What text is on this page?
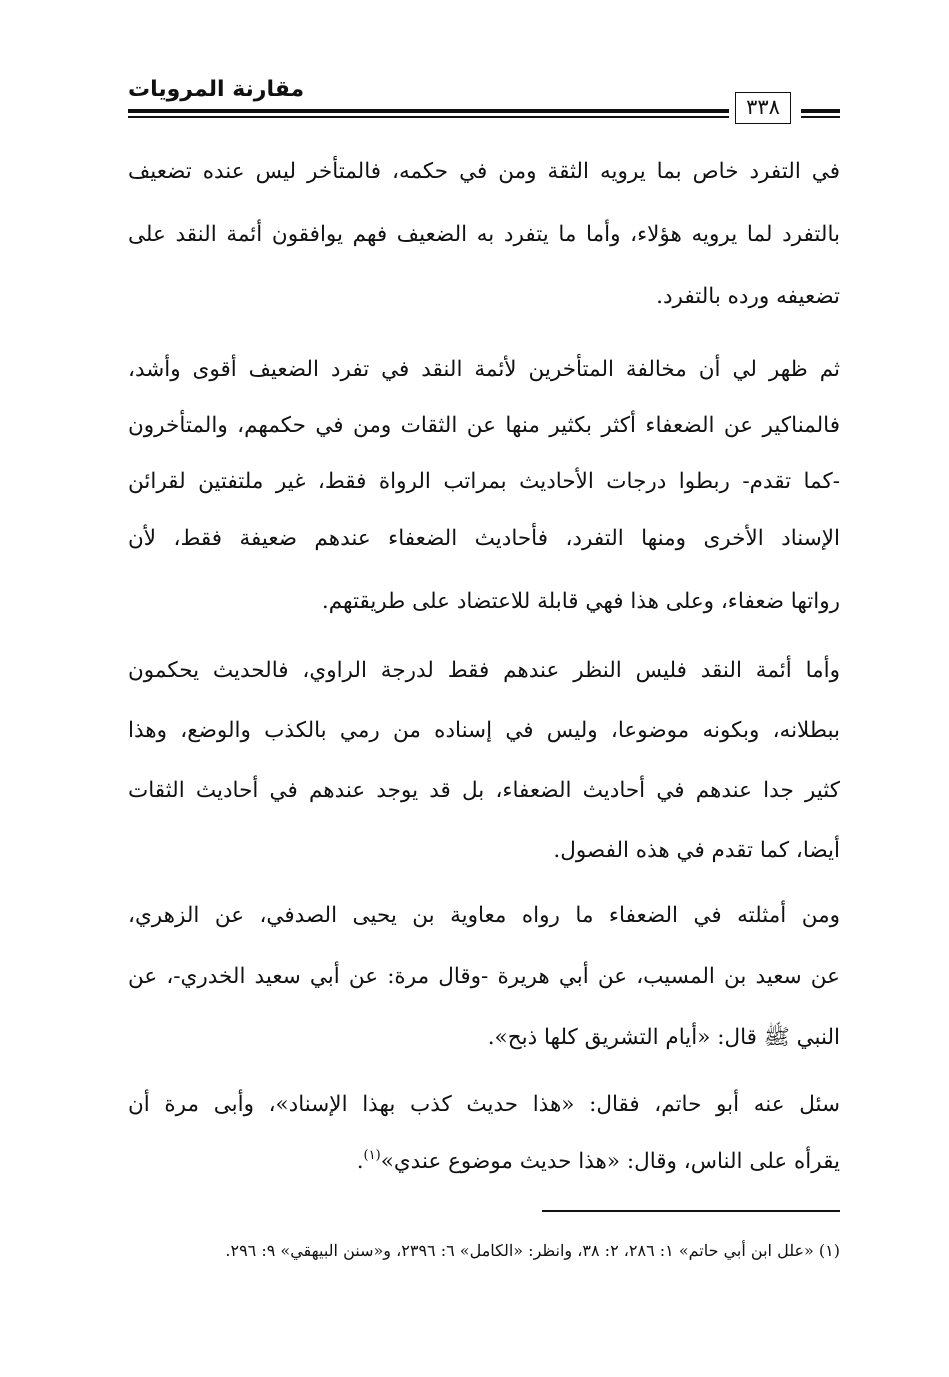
مقارنة المرويات
٣٣٨
في التفرد خاص بما يرويه الثقة ومن في حكمه، فالمتأخر ليس عنده تضعيف
بالتفرد لما يرويه هؤلاء، وأما ما يتفرد به الضعيف فهم يوافقون أئمة النقد على
تضعيفه ورده بالتفرد.
ثم ظهر لي أن مخالفة المتأخرين لأئمة النقد في تفرد الضعيف أقوى وأشد،
فالمناكير عن الضعفاء أكثر بكثير منها عن الثقات ومن في حكمهم، والمتأخرون
-كما تقدم- ربطوا درجات الأحاديث بمراتب الرواة فقط، غير ملتفتين لقرائن
الإسناد الأخرى ومنها التفرد، فأحاديث الضعفاء عندهم ضعيفة فقط، لأن
رواتها ضعفاء، وعلى هذا فهي قابلة للاعتضاد على طريقتهم.
وأما أئمة النقد فليس النظر عندهم فقط لدرجة الراوي، فالحديث يحكمون
ببطلانه، وبكونه موضوعا، وليس في إسناده من رمي بالكذب والوضع، وهذا
كثير جدا عندهم في أحاديث الضعفاء، بل قد يوجد عندهم في أحاديث الثقات
أيضا، كما تقدم في هذه الفصول.
ومن أمثلته في الضعفاء ما رواه معاوية بن يحيى الصدفي، عن الزهري،
عن سعيد بن المسيب، عن أبي هريرة -وقال مرة: عن أبي سعيد الخدري-، عن
النبي ﷺ قال: «أيام التشريق كلها ذبح».
سئل عنه أبو حاتم، فقال: «هذا حديث كذب بهذا الإسناد»، وأبى مرة أن
يقرأه على الناس، وقال: «هذا حديث موضوع عندي»$^{(١)}$.
(١) «علل ابن أبي حاتم» ١: ٢٨٦، ٢: ٣٨، وانظر: «الكامل» ٦: ٢٣٩٦، و«سنن البيهقي» ٩: ٢٩٦.
